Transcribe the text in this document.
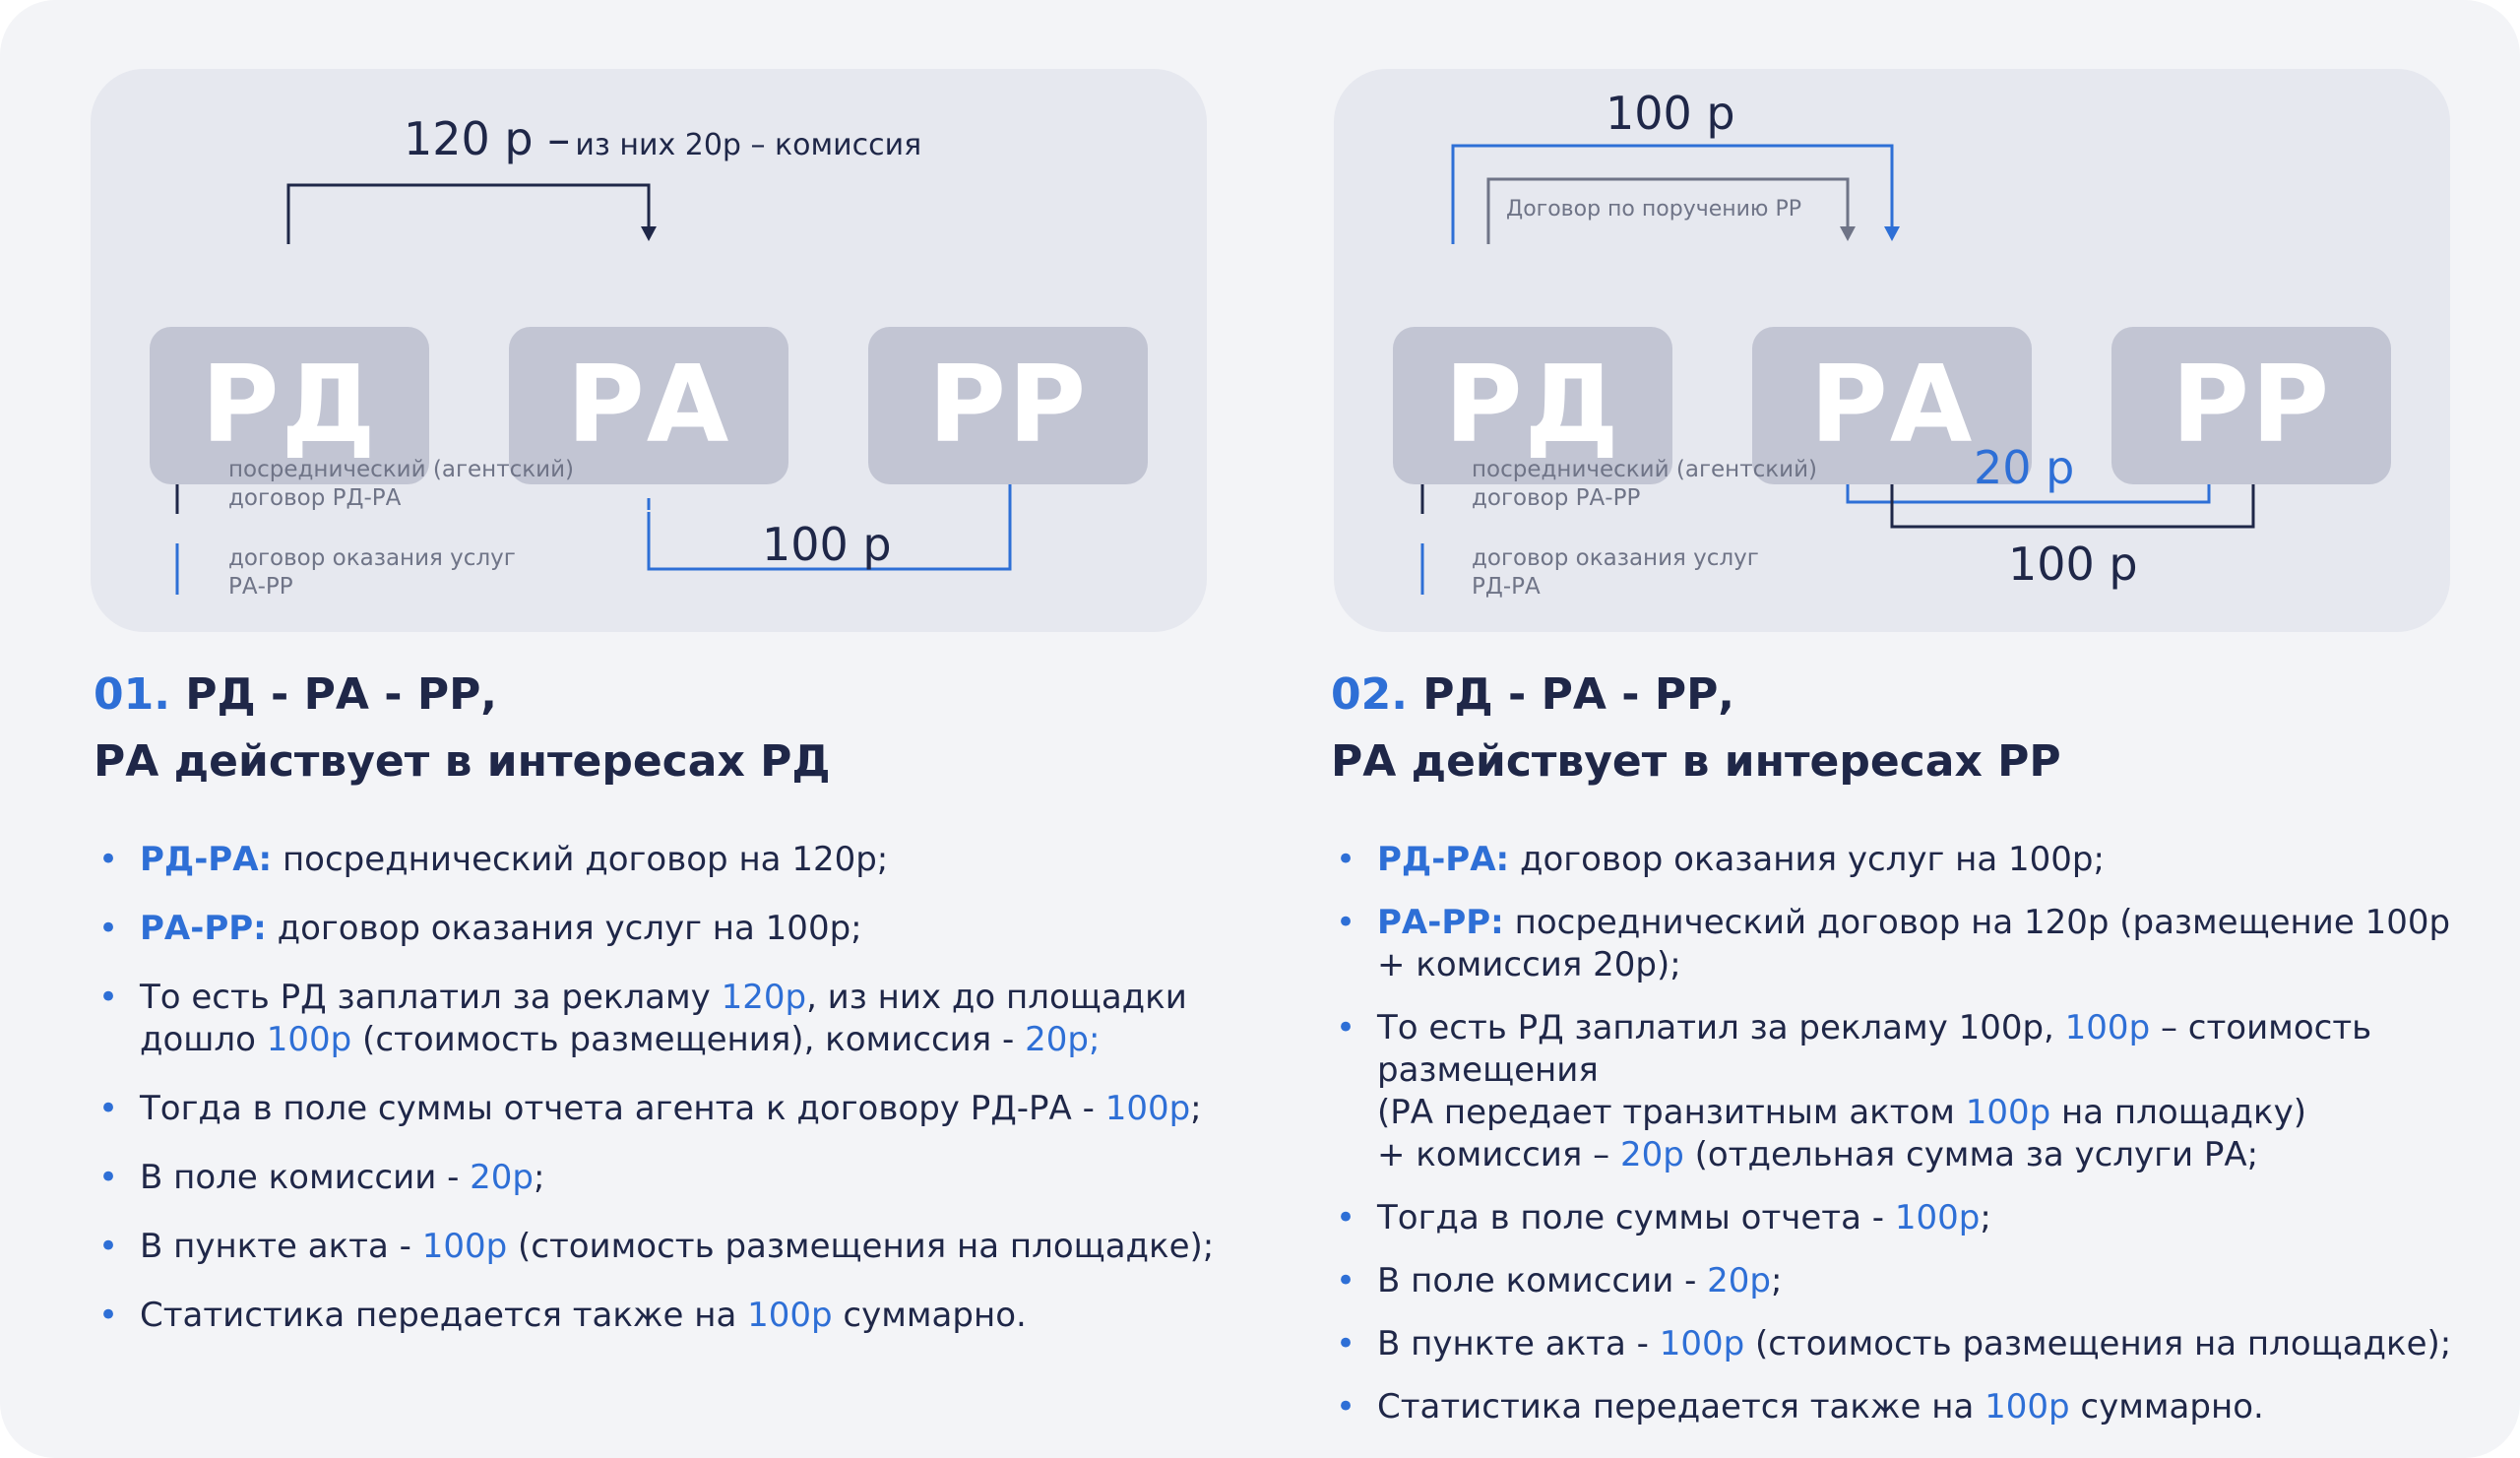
РД	РА	РР
120 р – из них 20р – комиссия
100 р
посреднический (агентский) договор РД-РА
договор оказания услуг РА-РР
РД	РА	РР
100 р
Договор по поручению РР
20 р
100 р
посреднический (агентский) договор РА-РР
договор оказания услуг РД-РА
01. РД - РА - РР,
РА действует в интересах РД
• РД-РА: посреднический договор на 120р;
• РА-РР: договор оказания услуг на 100р;
• То есть РД заплатил за рекламу 120р, из них до площадки дошло 100р (стоимость размещения), комиссия - 20р;
• Тогда в поле суммы отчета агента к договору РД-РА - 100р;
• В поле комиссии - 20р;
• В пункте акта - 100р (стоимость размещения на площадке);
• Статистика передается также на 100р суммарно.
02. РД - РА - РР,
РА действует в интересах РР
• РД-РА: договор оказания услуг на 100р;
• РА-РР: посреднический договор на 120р (размещение 100р + комиссия 20р);
• То есть РД заплатил за рекламу 100р, 100р – стоимость размещения
(РА передает транзитным актом 100р на площадку)
+ комиссия – 20р (отдельная сумма за услуги РА;
• Тогда в поле суммы отчета - 100р;
• В поле комиссии - 20р;
• В пункте акта - 100р (стоимость размещения на площадке);
• Статистика передается также на 100р суммарно.
